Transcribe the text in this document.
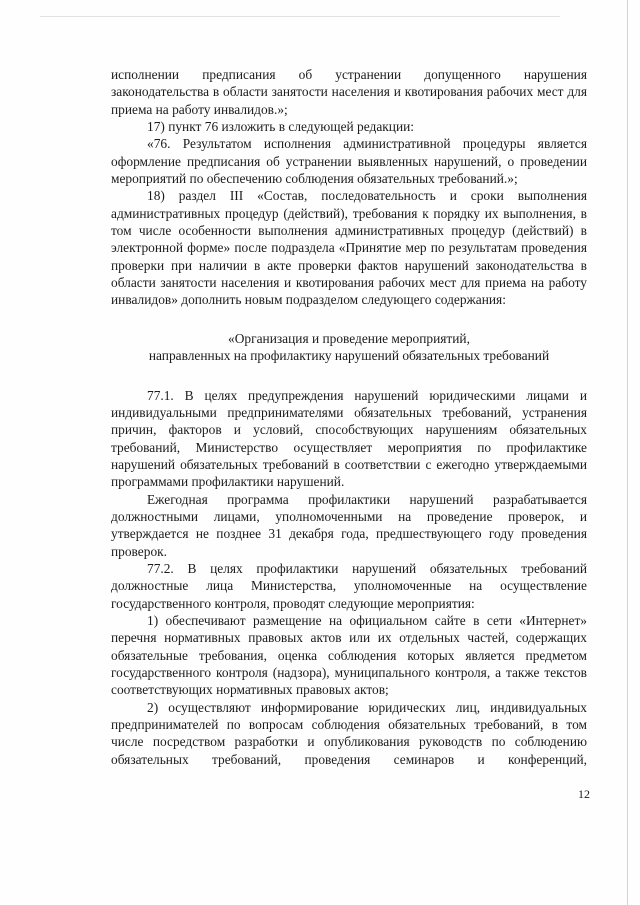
исполнении предписания об устранении допущенного нарушения законодательства в области занятости населения и квотирования рабочих мест для приема на работу инвалидов.»;

17) пункт 76 изложить в следующей редакции:

«76. Результатом исполнения административной процедуры является оформление предписания об устранении выявленных нарушений, о проведении мероприятий по обеспечению соблюдения обязательных требований.»;

18) раздел III «Состав, последовательность и сроки выполнения административных процедур (действий), требования к порядку их выполнения, в том числе особенности выполнения административных процедур (действий) в электронной форме» после подраздела «Принятие мер по результатам проведения проверки при наличии в акте проверки фактов нарушений законодательства в области занятости населения и квотирования рабочих мест для приема на работу инвалидов» дополнить новым подразделом следующего содержания:

«Организация и проведение мероприятий,

направленных на профилактику нарушений обязательных требований

77.1. В целях предупреждения нарушений юридическими лицами и индивидуальными предпринимателями обязательных требований, устранения причин, факторов и условий, способствующих нарушениям обязательных требований, Министерство осуществляет мероприятия по профилактике нарушений обязательных требований в соответствии с ежегодно утверждаемыми программами профилактики нарушений.

Ежегодная программа профилактики нарушений разрабатывается должностными лицами, уполномоченными на проведение проверок, и утверждается не позднее 31 декабря года, предшествующего году проведения проверок.

77.2. В целях профилактики нарушений обязательных требований должностные лица Министерства, уполномоченные на осуществление государственного контроля, проводят следующие мероприятия:

1) обеспечивают размещение на официальном сайте в сети «Интернет» перечня нормативных правовых актов или их отдельных частей, содержащих обязательные требования, оценка соблюдения которых является предметом государственного контроля (надзора), муниципального контроля, а также текстов соответствующих нормативных правовых актов;

2) осуществляют информирование юридических лиц, индивидуальных предпринимателей по вопросам соблюдения обязательных требований, в том числе посредством разработки и опубликования руководств по соблюдению обязательных требований, проведения семинаров и конференций,

12
